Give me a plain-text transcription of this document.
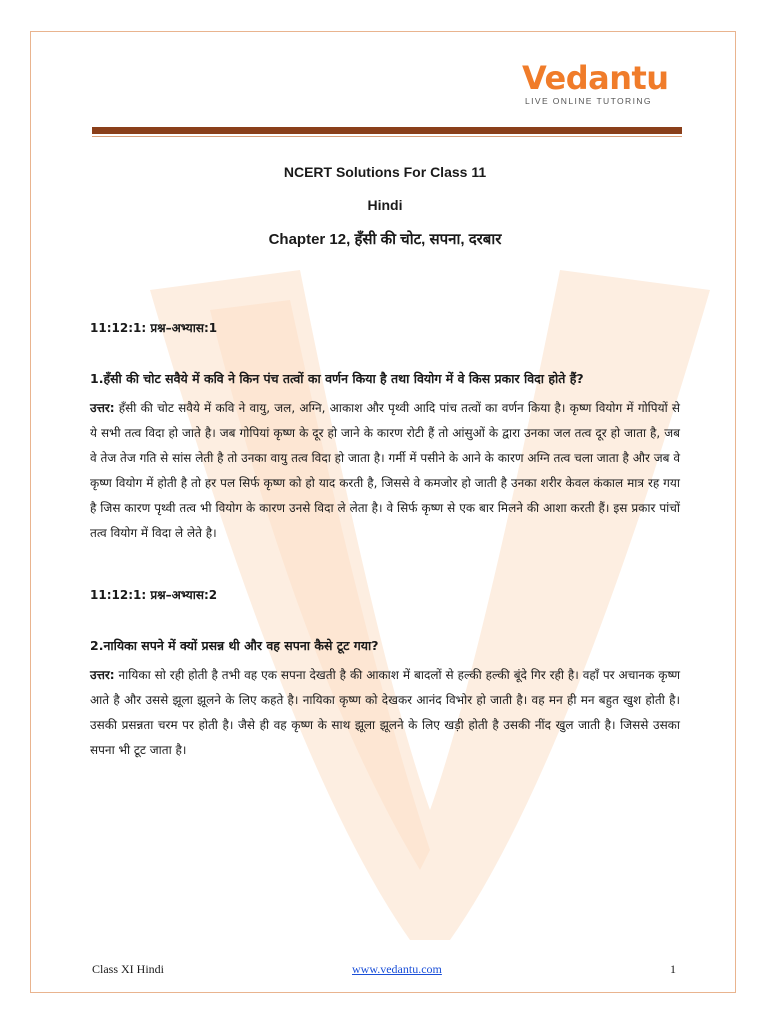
Vedantu
LIVE ONLINE TUTORING
NCERT Solutions For Class 11
Hindi
Chapter 12, हँसी की चोट, सपना, दरबार
11:12:1: प्रश्न–अभ्यास:1
1.हँसी की चोट सवैये में कवि ने किन पंच तत्वों का वर्णन किया है तथा वियोग में वे किस प्रकार विदा होते हैं?
उत्तर: हँसी की चोट सवैये में कवि ने वायु, जल, अग्नि, आकाश और पृथ्वी आदि पांच तत्वों का वर्णन किया है। कृष्ण वियोग में गोपियों से ये सभी तत्व विदा हो जाते है। जब गोपियां कृष्ण के दूर हो जाने के कारण रोटी हैं तो आंसुओं के द्वारा उनका जल तत्व दूर हो जाता है, जब वे तेज तेज गति से सांस लेती है तो उनका वायु तत्व विदा हो जाता है। गर्मी में पसीने के आने के कारण अग्नि तत्व चला जाता है और जब वे कृष्ण वियोग में होती है तो हर पल सिर्फ कृष्ण को हो याद करती है, जिससे वे कमजोर हो जाती है उनका शरीर केवल कंकाल मात्र रह गया है जिस कारण पृथ्वी तत्व भी वियोग के कारण उनसे विदा ले लेता है। वे सिर्फ कृष्ण से एक बार मिलने की आशा करती हैं। इस प्रकार पांचों तत्व वियोग में विदा ले लेते है।
11:12:1: प्रश्न–अभ्यास:2
2.नायिका सपने में क्यों प्रसन्न थी और वह सपना कैसे टूट गया?
उत्तर: नायिका सो रही होती है तभी वह एक सपना देखती है की आकाश में बादलों से हल्की हल्की बूंदे गिर रही है। वहाँ पर अचानक कृष्ण आते है और उससे झूला झूलने के लिए कहते है। नायिका कृष्ण को देखकर आनंद विभोर हो जाती है। वह मन ही मन बहुत खुश होती है। उसकी प्रसन्नता चरम पर होती है। जैसे ही वह कृष्ण के साथ झूला झूलने के लिए खड़ी होती है उसकी नींद खुल जाती है। जिससे उसका सपना भी टूट जाता है।
Class XI Hindi	www.vedantu.com	1
